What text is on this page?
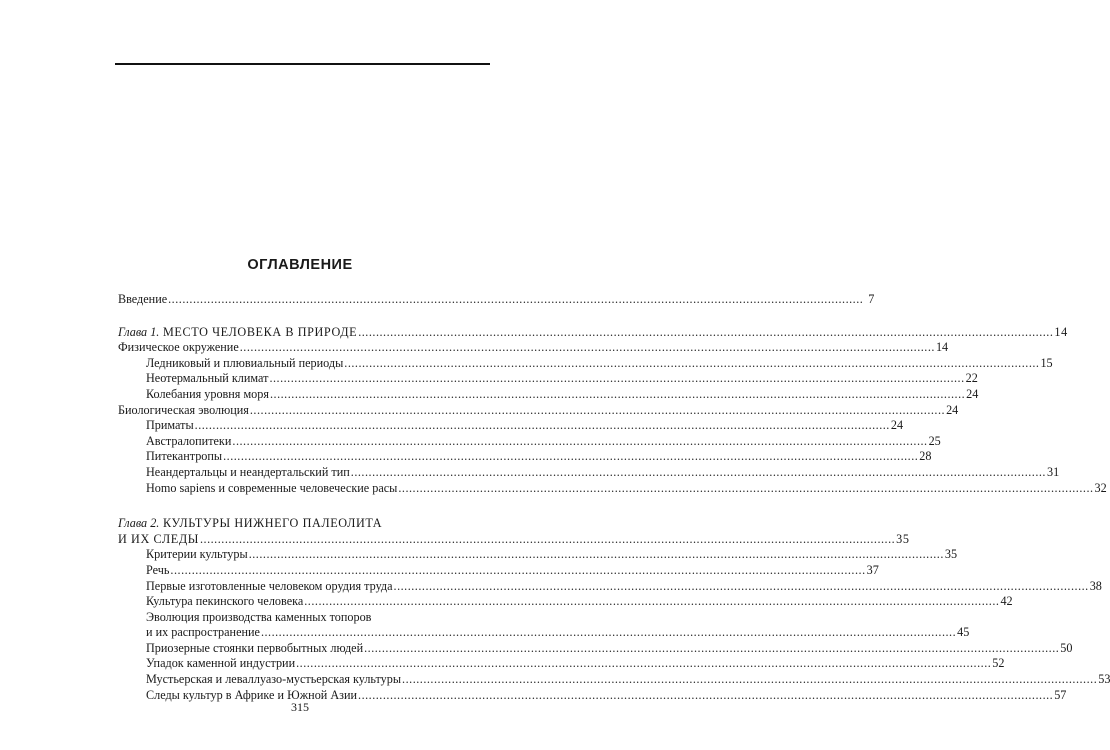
ОГЛАВЛЕНИЕ
Введение .................................................................................................................................................................................................... 7
Глава 1. МЕСТО ЧЕЛОВЕКА В ПРИРОДЕ .................................................................................................................................................................................................... 14
Физическое окружение .................................................................................................................................................................................................... 14
Ледниковый и плювиальный периоды .................................................................................................................................................................................................... 15
Неотермальный климат .................................................................................................................................................................................................... 22
Колебания уровня моря .................................................................................................................................................................................................... 24
Биологическая эволюция .................................................................................................................................................................................................... 24
Приматы .................................................................................................................................................................................................... 24
Австралопитеки .................................................................................................................................................................................................... 25
Питекантропы .................................................................................................................................................................................................... 28
Неандертальцы и неандертальский тип .................................................................................................................................................................................................... 31
Homo sapiens и современные человеческие расы .................................................................................................................................................................................................... 32
Глава 2. КУЛЬТУРЫ НИЖНЕГО ПАЛЕОЛИТА
И ИХ СЛЕДЫ .................................................................................................................................................................................................... 35
Критерии культуры .................................................................................................................................................................................................... 35
Речь .................................................................................................................................................................................................... 37
Первые изготовленные человеком орудия труда .................................................................................................................................................................................................... 38
Культура пекинского человека .................................................................................................................................................................................................... 42
Эволюция производства каменных топоров
и их распространение .................................................................................................................................................................................................... 45
Приозерные стоянки первобытных людей .................................................................................................................................................................................................... 50
Упадок каменной индустрии .................................................................................................................................................................................................... 52
Мустьерская и леваллуазо-мустьерская культуры .................................................................................................................................................................................................... 53
Следы культур в Африке и Южной Азии .................................................................................................................................................................................................... 57
315
